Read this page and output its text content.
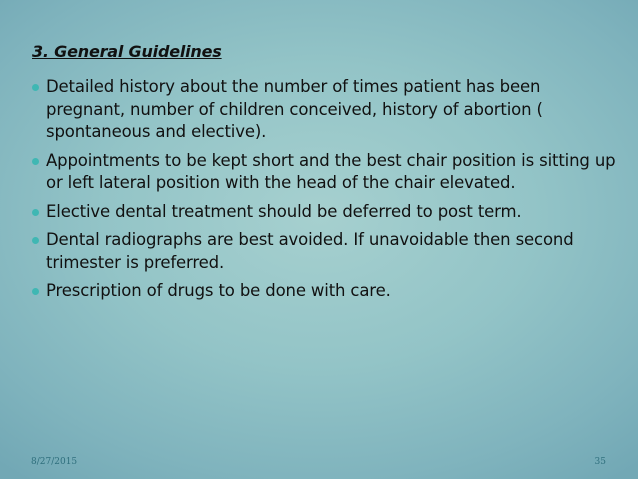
3. General Guidelines
Detailed history about the number of times patient has been pregnant, number of children conceived, history of abortion ( spontaneous and elective).
Appointments to be kept short and the best chair position is sitting up or left lateral position with the head of the chair elevated.
Elective dental treatment should be deferred to post term.
Dental radiographs are best avoided. If unavoidable then second trimester is preferred.
Prescription of drugs to be done with care.
8/27/2015	35
